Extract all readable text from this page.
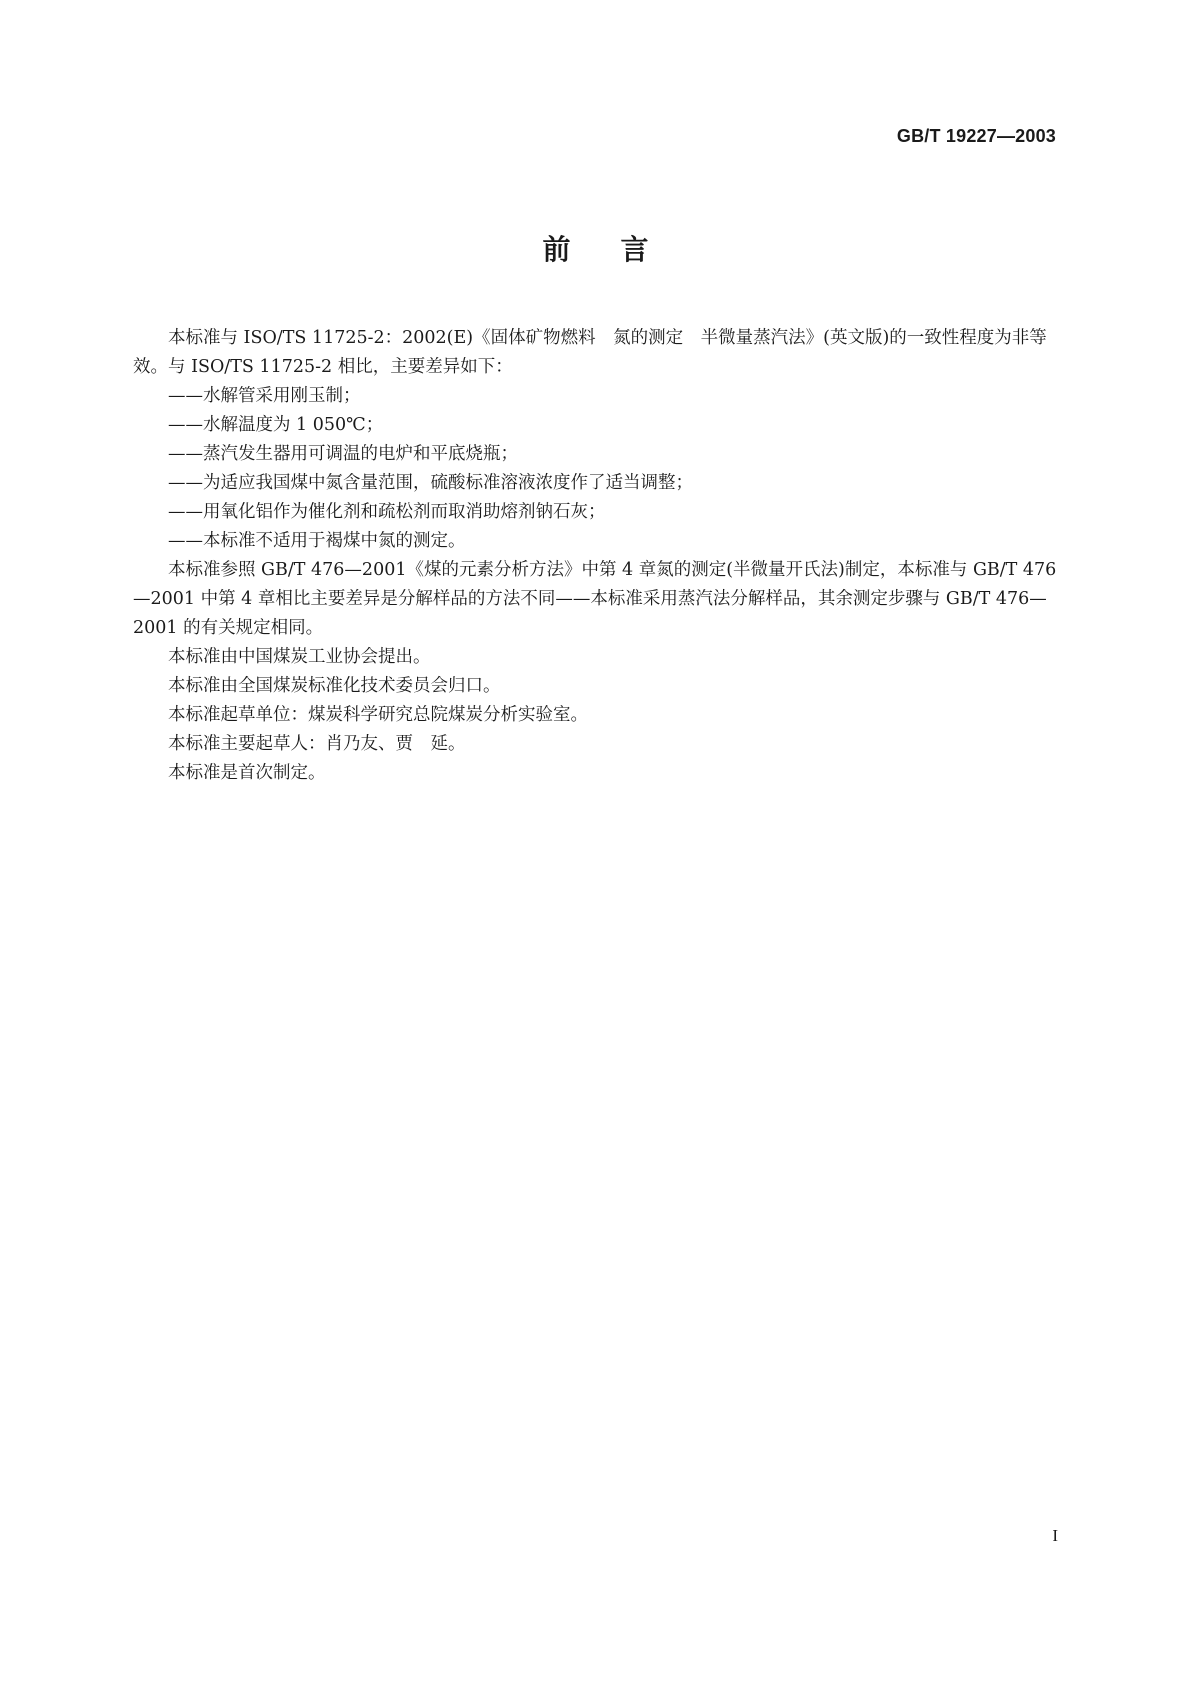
GB/T 19227—2003
前言

本标准与 ISO/TS 11725-2：2002(E)《固体矿物燃料　氮的测定　半微量蒸汽法》(英文版)的一致性程度为非等效。与 ISO/TS 11725-2 相比，主要差异如下：

——水解管采用刚玉制；

——水解温度为 1 050℃；

——蒸汽发生器用可调温的电炉和平底烧瓶；

——为适应我国煤中氮含量范围，硫酸标准溶液浓度作了适当调整；

——用氧化铝作为催化剂和疏松剂而取消助熔剂钠石灰；

——本标准不适用于褐煤中氮的测定。

本标准参照 GB/T 476—2001《煤的元素分析方法》中第 4 章氮的测定(半微量开氏法)制定，本标准与 GB/T 476—2001 中第 4 章相比主要差异是分解样品的方法不同——本标准采用蒸汽法分解样品，其余测定步骤与 GB/T 476—2001 的有关规定相同。

本标准由中国煤炭工业协会提出。

本标准由全国煤炭标准化技术委员会归口。

本标准起草单位：煤炭科学研究总院煤炭分析实验室。

本标准主要起草人：肖乃友、贾　延。

本标准是首次制定。

I
